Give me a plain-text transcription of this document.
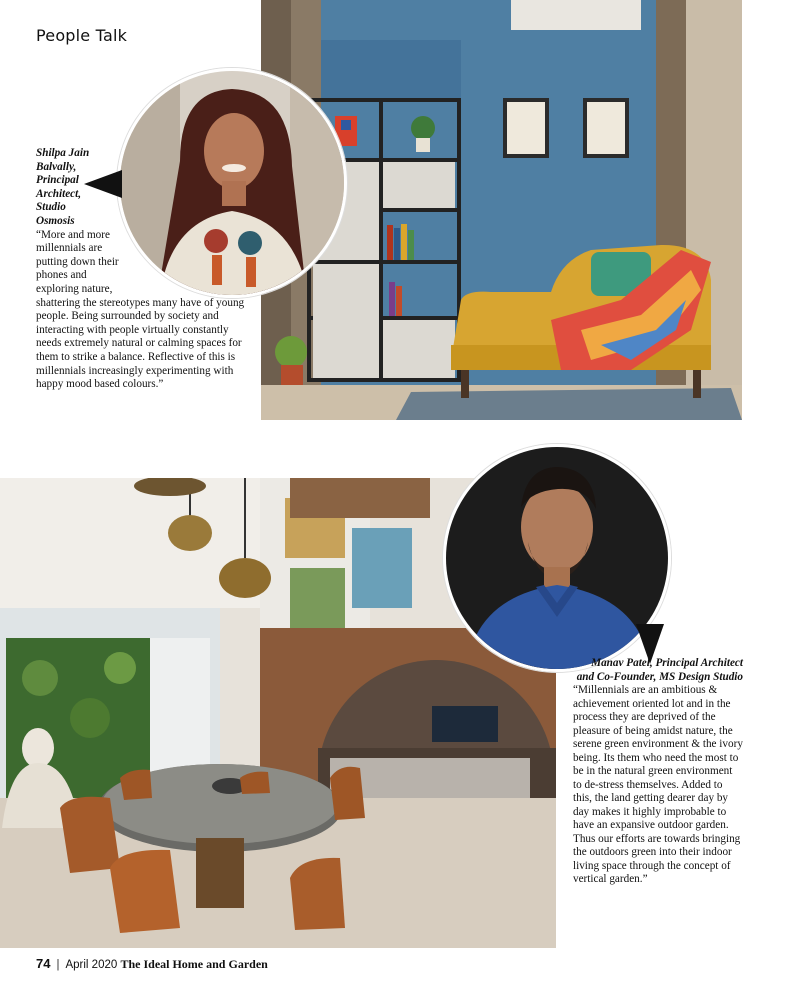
People Talk
Shilpa Jain Balvally, Principal Architect, Studio Osmosis
“More and more millennials are putting down their phones and exploring nature,
shattering the stereotypes many have of young people. Being surrounded by society and interacting with people virtually constantly needs extremely natural or calming spaces for them to strike a balance. Reflective of this is millennials increasingly experimenting with happy mood based colours.”
Manav Patel, Principal Architect and Co-Founder, MS Design Studio
“Millennials are an ambitious & achievement oriented lot and in the process they are deprived of the pleasure of being amidst nature, the serene green environment & the ivory being. Its them who need the most to be in the natural green environment to de-stress themselves. Added to this, the land getting dearer day by day makes it highly improbable to have an expansive outdoor garden. Thus our efforts are towards bringing the outdoors green into their indoor living space through the concept of vertical garden.”
74 | April 2020 The Ideal Home and Garden
